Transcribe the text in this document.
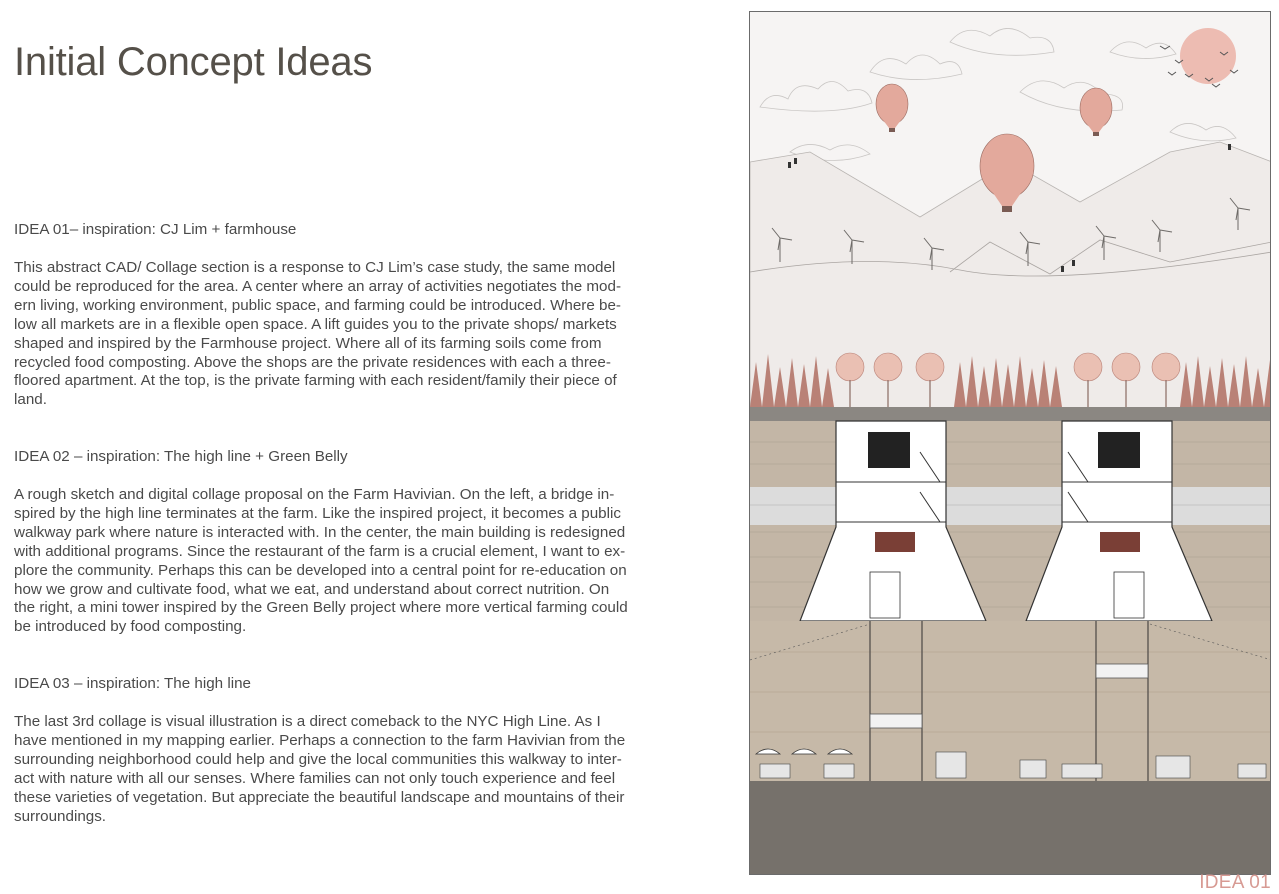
Initial Concept Ideas

IDEA 01– inspiration: CJ Lim + farmhouse

This abstract CAD/ Collage section is a response to CJ Lim’s case study, the same model
could be reproduced for the area. A center where an array of activities negotiates the mod-
ern living, working environment, public space, and farming could be introduced. Where be-
low all markets are in a flexible open space. A lift guides you to the private shops/ markets
shaped and inspired by the Farmhouse project. Where all of its farming soils come from
recycled food composting. Above the shops are the private residences with each a three-
floored apartment. At the top, is the private farming with each resident/family their piece of
land.

IDEA 02 – inspiration: The high line + Green Belly

A rough sketch and digital collage proposal on the Farm Havivian. On the left, a bridge in-
spired by the high line terminates at the farm. Like the inspired project, it becomes a public
walkway park where nature is interacted with. In the center, the main building is redesigned
with additional programs. Since the restaurant of the farm is a crucial element, I want to ex-
plore the community. Perhaps this can be developed into a central point for re-education on
how we grow and cultivate food, what we eat, and understand about correct nutrition. On
the right, a mini tower inspired by the Green Belly project where more vertical farming could
be introduced by food composting.

IDEA 03 – inspiration: The high line

The last 3rd collage is visual illustration is a direct comeback to the NYC High Line. As I
have mentioned in my mapping earlier. Perhaps a connection to the farm Havivian from the
surrounding neighborhood could help and give the local communities this walkway to inter-
act with nature with all our senses. Where families can not only touch experience and feel
these varieties of vegetation. But appreciate the beautiful landscape and mountains of their
surroundings.

IDEA 01
